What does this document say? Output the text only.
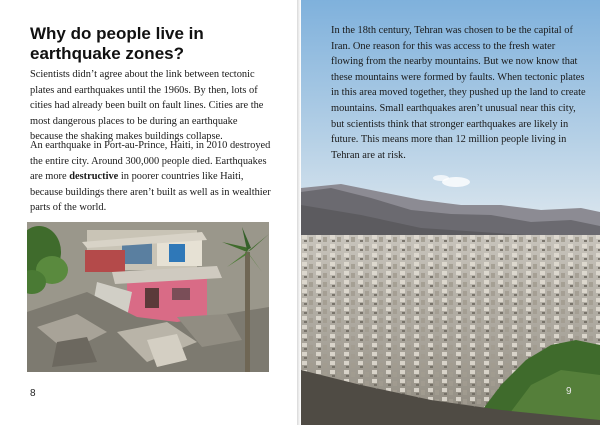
Why do people live in earthquake zones?

Scientists didn’t agree about the link between tectonic plates and earthquakes until the 1960s. By then, lots of cities had already been built on fault lines. Cities are the most dangerous places to be during an earthquake because the shaking makes buildings collapse.

An earthquake in Port-au-Prince, Haiti, in 2010 destroyed the entire city. Around 300,000 people died. Earthquakes are more destructive in poorer countries like Haiti, because buildings there aren’t built as well as in wealthier parts of the world.

8

In the 18th century, Tehran was chosen to be the capital of Iran. One reason for this was access to the fresh water flowing from the nearby mountains. But we now know that these mountains were formed by faults. When tectonic plates in this area moved together, they pushed up the land to create mountains. Small earthquakes aren’t unusual near this city, but scientists think that stronger earthquakes are likely in future. This means more than 12 million people living in Tehran are at risk.

9
